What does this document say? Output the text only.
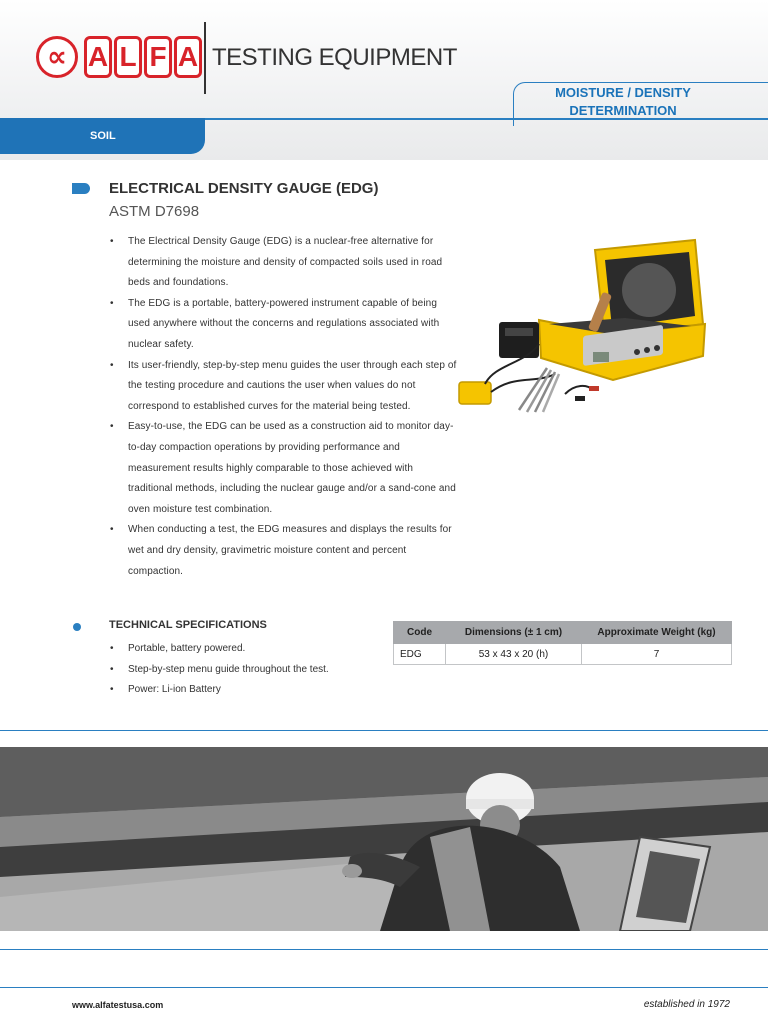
∝ A L F A TESTING EQUIPMENT
MOISTURE / DENSITY
DETERMINATION
SOIL
ELECTRICAL DENSITY GAUGE (EDG)
ASTM D7698
• The Electrical Density Gauge (EDG) is a nuclear-free alternative for determining the moisture and density of compacted soils used in road beds and foundations.
• The EDG is a portable, battery-powered instrument capable of being used anywhere without the concerns and regulations associated with nuclear safety.
• Its user-friendly, step-by-step menu guides the user through each step of the testing procedure and cautions the user when values do not correspond to established curves for the material being tested.
• Easy-to-use, the EDG can be used as a construction aid to monitor day-to-day compaction operations by providing performance and measurement results highly comparable to those achieved with traditional methods, including the nuclear gauge and/or a sand-cone and oven moisture test combination.
• When conducting a test, the EDG measures and displays the results for wet and dry density, gravimetric moisture content and percent compaction.
TECHNICAL SPECIFICATIONS
• Portable, battery powered.
• Step-by-step menu guide throughout the test.
• Power: Li-ion Battery
Code	Dimensions (± 1 cm)	Approximate Weight (kg)
EDG	53 x 43 x 20 (h)	7
www.alfatestusa.com	established in 1972
